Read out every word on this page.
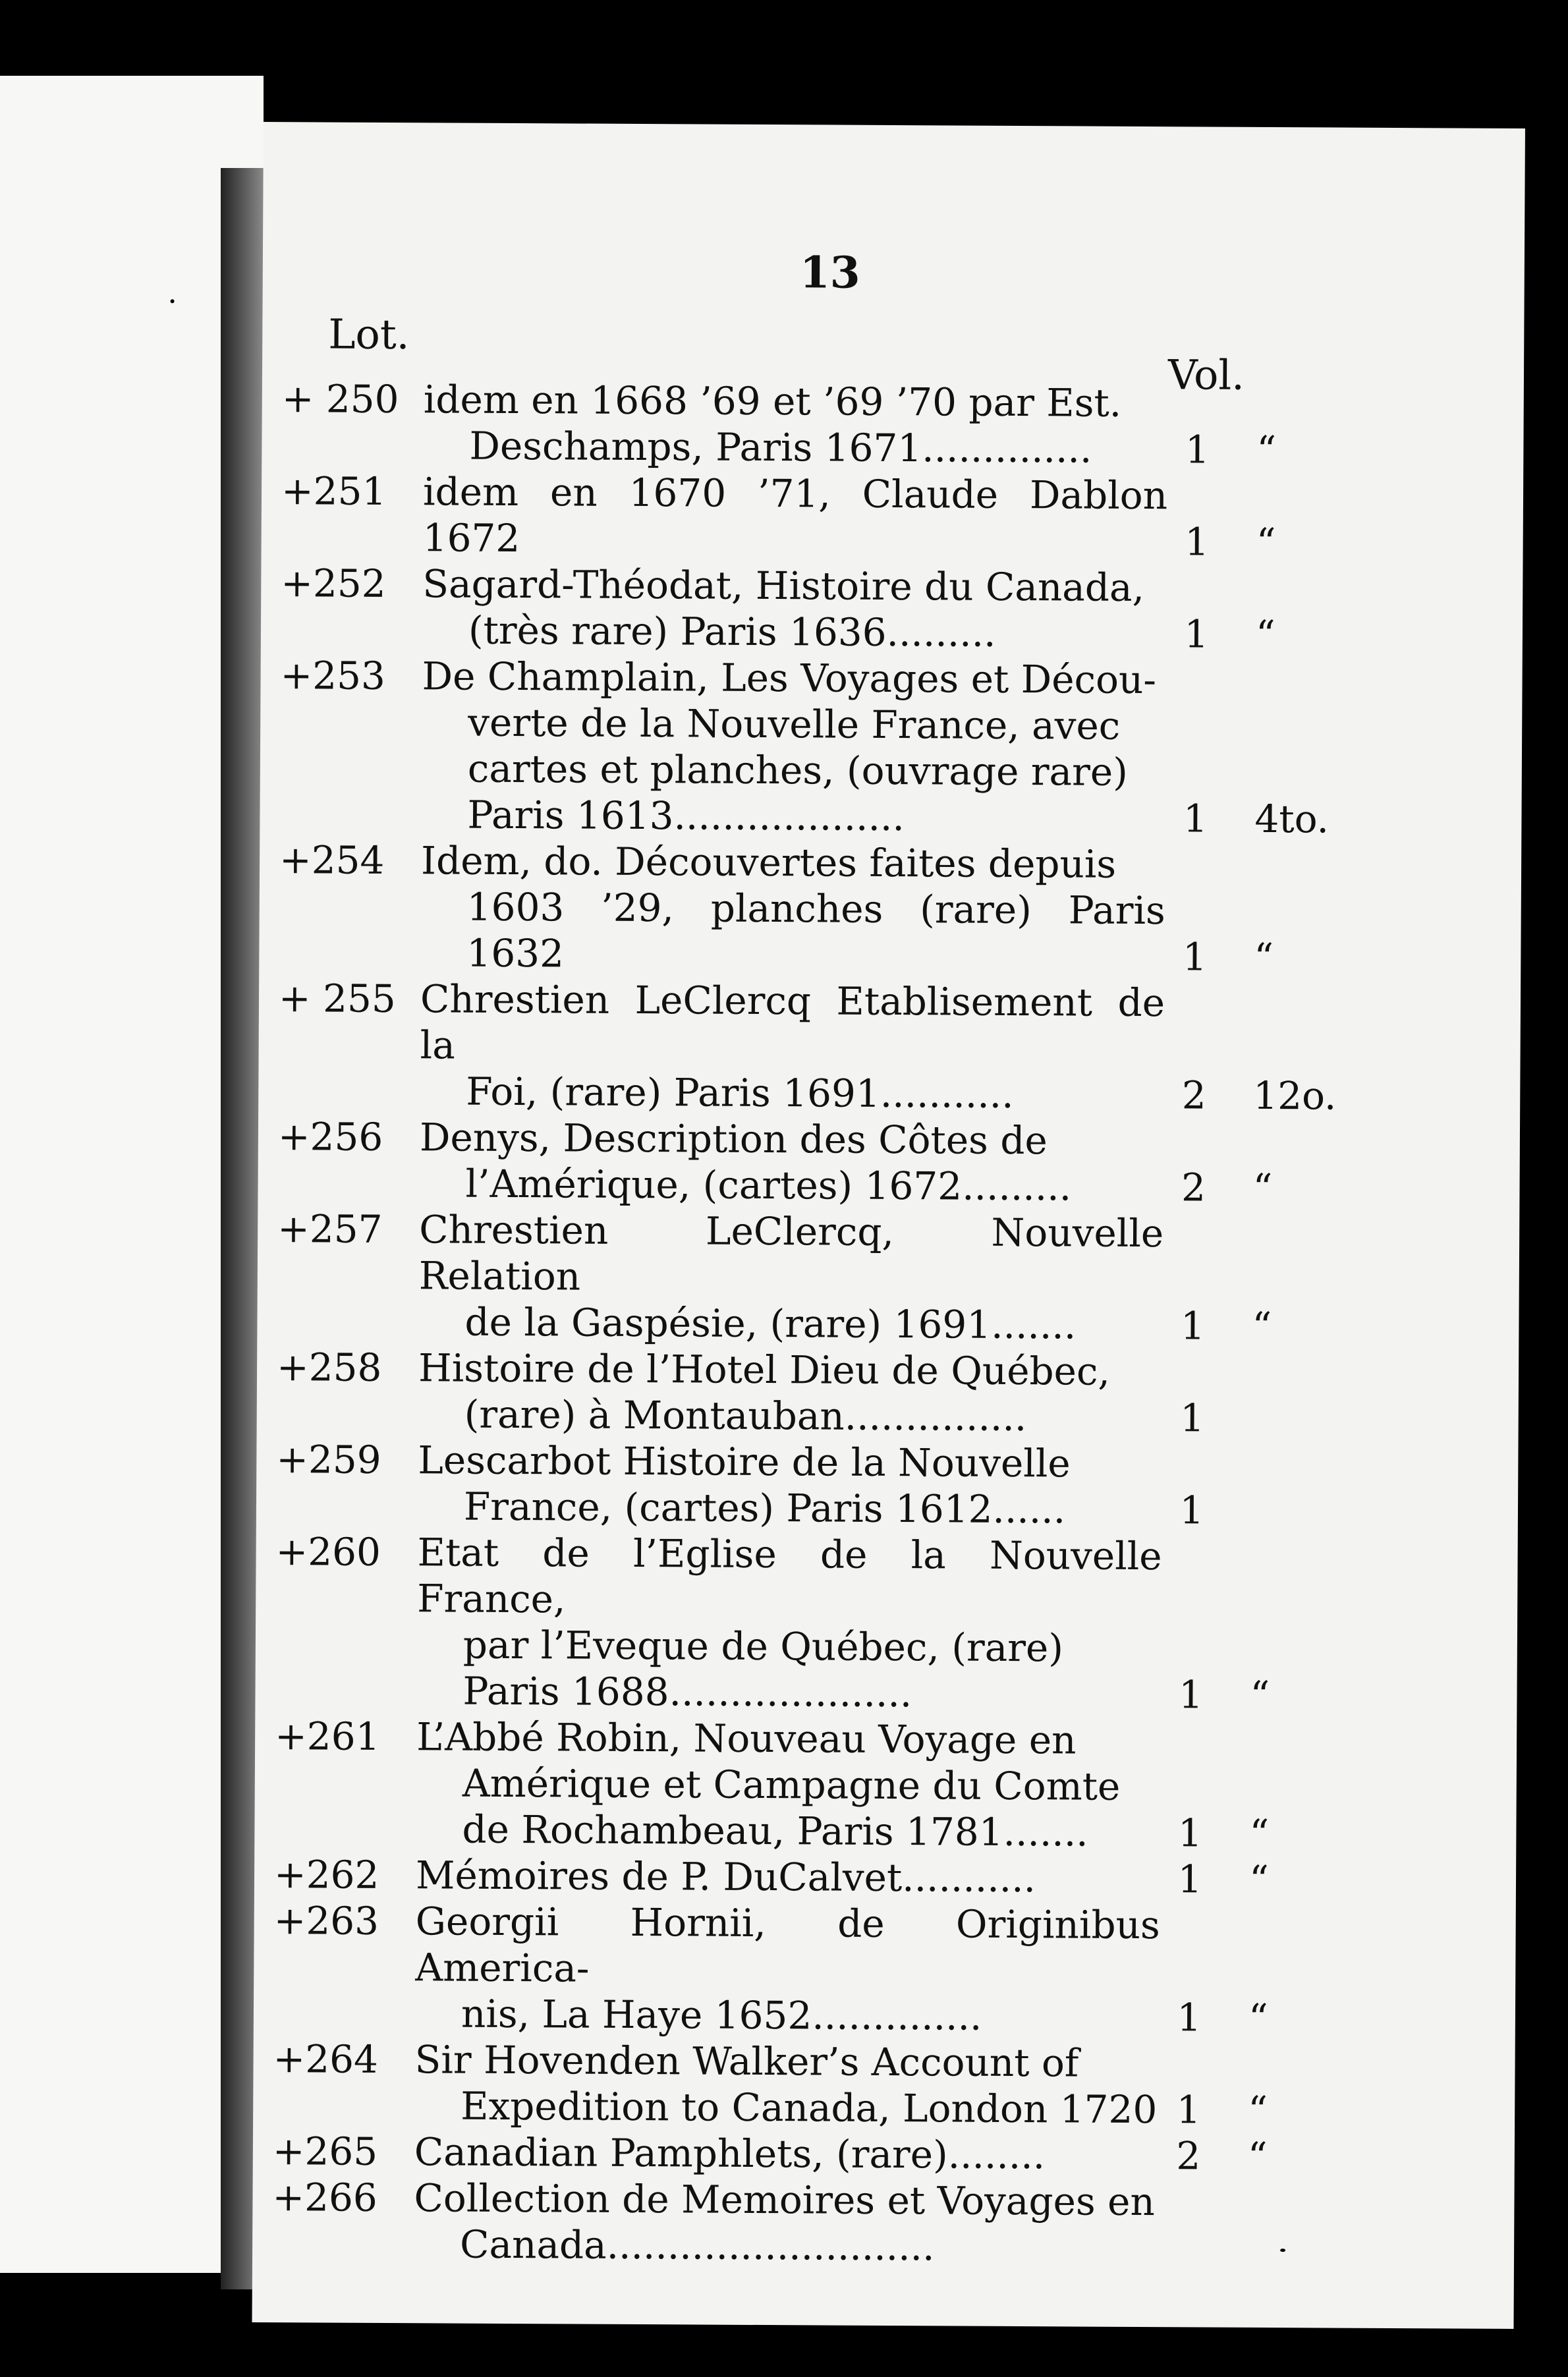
13
Lot.
Vol.
+ 250 idem en 1668 ’69 et ’69 ’70 par Est.
Deschamps, Paris 1671..............	1 “
+251 idem en 1670 ’71, Claude Dablon 1672	1 “
+252 Sagard-Théodat, Histoire du Canada,
(très rare) Paris 1636.........	1 “
+253 De Champlain, Les Voyages et Décou-
verte de la Nouvelle France, avec
cartes et planches, (ouvrage rare)
Paris 1613...................	1 4to.
+254 Idem, do. Découvertes faites depuis
1603 ’29, planches (rare) Paris 1632	1 “
+ 255 Chrestien LeClercq Etablisement de la
Foi, (rare) Paris 1691...........	2 12o.
+256 Denys, Description des Côtes de
l’Amérique, (cartes) 1672.........	2 “
+257 Chrestien LeClercq, Nouvelle Relation
de la Gaspésie, (rare) 1691.......	1 “
+258 Histoire de l’Hotel Dieu de Québec,
(rare) à Montauban...............	1
+259 Lescarbot Histoire de la Nouvelle
France, (cartes) Paris 1612......	1
+260 Etat de l’Eglise de la Nouvelle France,
par l’Eveque de Québec, (rare)
Paris 1688....................	1 “
+261 L’Abbé Robin, Nouveau Voyage en
Amérique et Campagne du Comte
de Rochambeau, Paris 1781.......	1 “
+262 Mémoires de P. DuCalvet...........	1 “
+263 Georgii Hornii, de Originibus America-
nis, La Haye 1652..............	1 “
+264 Sir Hovenden Walker’s Account of
Expedition to Canada, London 1720 1 “
+265 Canadian Pamphlets, (rare)........	2 “
+266 Collection de Memoires et Voyages en
Canada...........................
